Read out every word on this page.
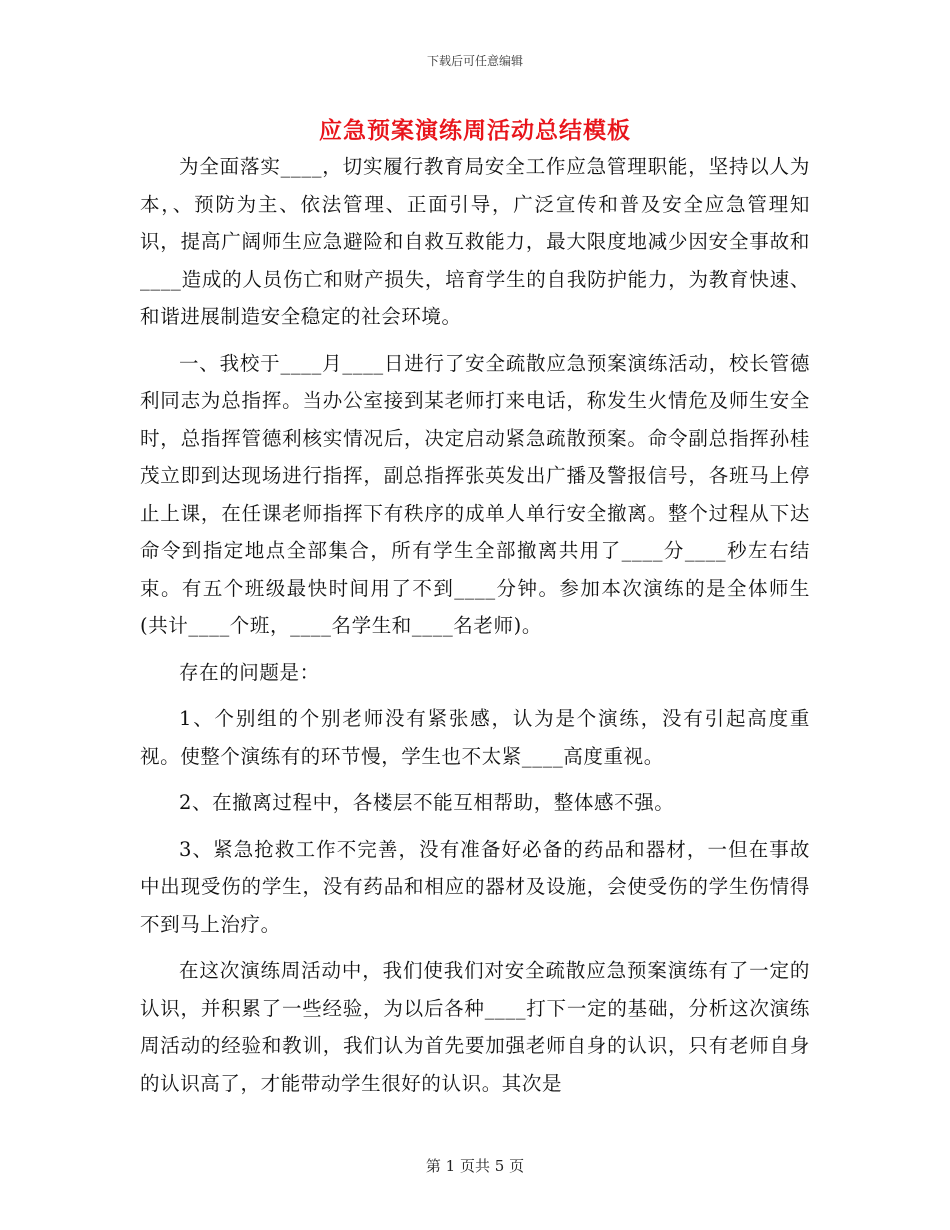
下载后可任意编辑
应急预案演练周活动总结模板

为全面落实____，切实履行教育局安全工作应急管理职能，坚持以人为本，、预防为主、依法管理、正面引导，广泛宣传和普及安全应急管理知识，提高广阔师生应急避险和自救互救能力，最大限度地减少因安全事故和____造成的人员伤亡和财产损失，培育学生的自我防护能力，为教育快速、和谐进展制造安全稳定的社会环境。

一、我校于____月____日进行了安全疏散应急预案演练活动，校长管德利同志为总指挥。当办公室接到某老师打来电话，称发生火情危及师生安全时，总指挥管德利核实情况后，决定启动紧急疏散预案。命令副总指挥孙桂茂立即到达现场进行指挥，副总指挥张英发出广播及警报信号，各班马上停止上课，在任课老师指挥下有秩序的成单人单行安全撤离。整个过程从下达命令到指定地点全部集合，所有学生全部撤离共用了____分____秒左右结束。有五个班级最快时间用了不到____分钟。参加本次演练的是全体师生(共计____个班，____名学生和____名老师)。

存在的问题是：

1、个别组的个别老师没有紧张感，认为是个演练，没有引起高度重视。使整个演练有的环节慢，学生也不太紧____高度重视。

2、在撤离过程中，各楼层不能互相帮助，整体感不强。

3、紧急抢救工作不完善，没有准备好必备的药品和器材，一但在事故中出现受伤的学生，没有药品和相应的器材及设施，会使受伤的学生伤情得不到马上治疗。

在这次演练周活动中，我们使我们对安全疏散应急预案演练有了一定的认识，并积累了一些经验，为以后各种____打下一定的基础，分析这次演练周活动的经验和教训，我们认为首先要加强老师自身的认识，只有老师自身的认识高了，才能带动学生很好的认识。其次是

第 1 页共 5 页
